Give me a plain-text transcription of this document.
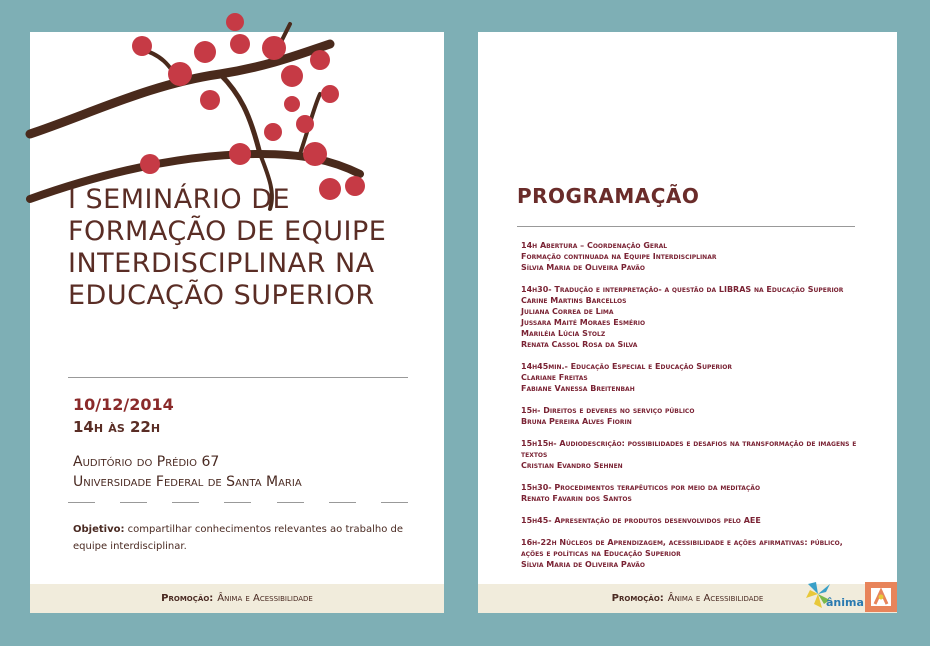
I SEMINÁRIO DE
FORMAÇÃO DE EQUIPE
INTERDISCIPLINAR NA
EDUCAÇÃO SUPERIOR
10/12/2014
14h às 22h
Auditório do Prédio 67
Universidade Federal de Santa Maria
Objetivo: compartilhar conhecimentos relevantes ao trabalho de equipe interdisciplinar.
Promoção: Ânima e Acessibilidade
PROGRAMAÇÃO
14h Abertura – Coordenação Geral
Formação continuada na Equipe Interdisciplinar
Sílvia Maria de Oliveira Pavão
14h30- Tradução e interpretação- a questão da LIBRAS na Educação Superior
Carine Martins Barcellos
Juliana Correa de Lima
Jussara Maité Moraes Esmério
Mariléia Lúcia Stolz
Renata Cassol Rosa da Silva
14h45min.- Educação Especial e Educação Superior
Clariane Freitas
Fabiane Vanessa Breitenbah
15h- Direitos e deveres no serviço público
Bruna Pereira Alves Fiorin
15h15h- Audiodescrição: possibilidades e desafios na transformação de imagens e textos
Cristian Evandro Sehnen
15h30- Procedimentos terapêuticos por meio da meditação
Renato Favarin dos Santos
15h45- Apresentação de produtos desenvolvidos pelo AEE
16h-22h Núcleos de Aprendizagem, acessibilidade e ações afirmativas: público, ações e políticas na Educação Superior
Sílvia Maria de Oliveira Pavão
Promoção: Ânima e Acessibilidade	ânima
